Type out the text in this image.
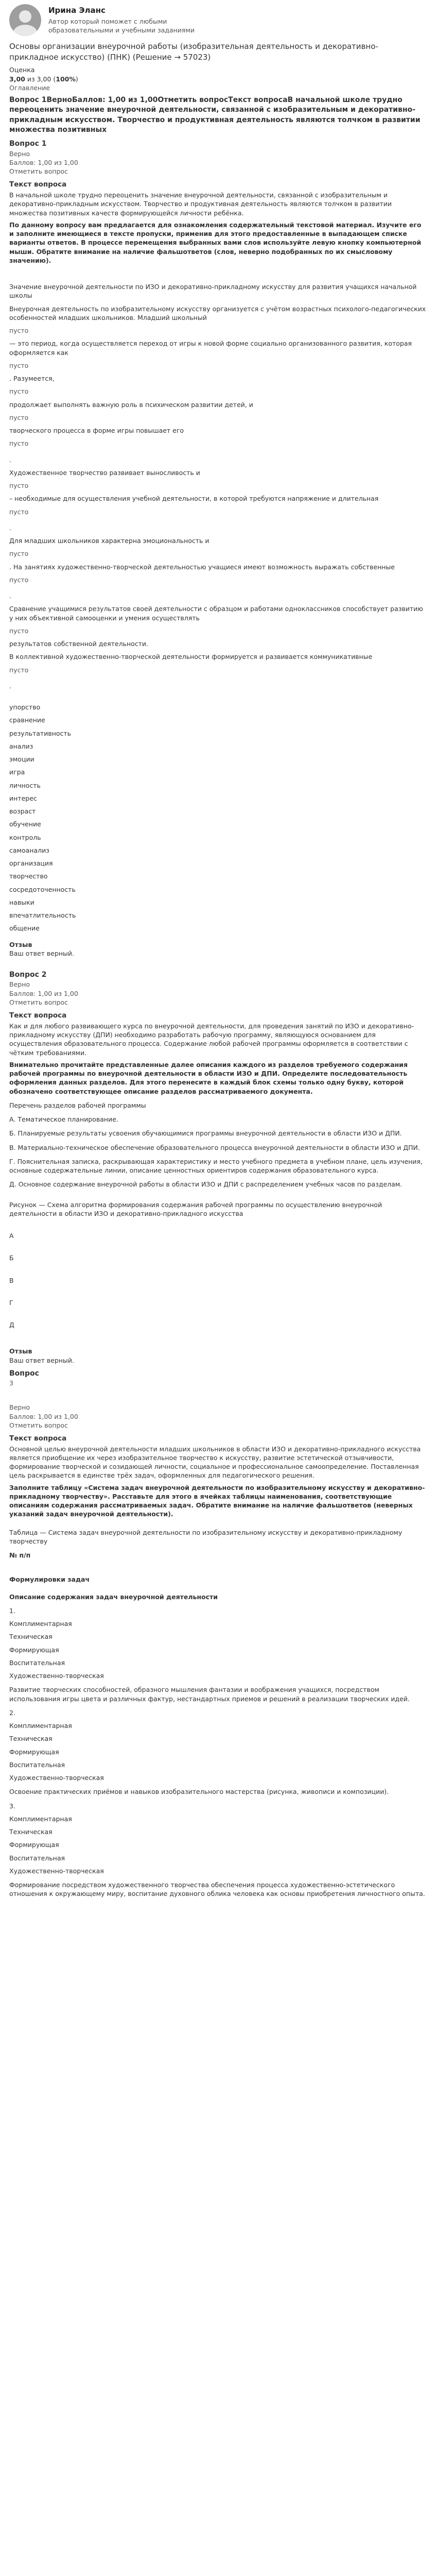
Ирина Эланс
Автор который поможет с любыми образовательными и учебными заданиями
Основы организации внеурочной работы (изобразительная деятельность и декоративно-прикладное искусство) (ПНК) (Решение → 57023)

Оценка
3,00 из 3,00 (100%)

Оглавление

Вопрос 1ВерноБаллов: 1,00 из 1,00Отметить вопросТекст вопросаВ начальной школе трудно переоценить значение внеурочной деятельности, связанной с изобразительным и декоративно-прикладным искусством. Творчество и продуктивная деятельность являются толчком в развитии множества позитивных
Вопрос 1
Верно
Баллов: 1,00 из 1,00
Отметить вопрос
Текст вопроса
В начальной школе трудно переоценить значение внеурочной деятельности, связанной с изобразительным и декоративно-прикладным искусством. Творчество и продуктивная деятельность являются толчком в развитии множества позитивных качеств формирующейся личности ребёнка.
По данному вопросу вам предлагается для ознакомления содержательный текстовой материал. Изучите его и заполните имеющиеся в тексте пропуски, применив для этого предоставленные в выпадающем списке варианты ответов. В процессе перемещения выбранных вами слов используйте левую кнопку компьютерной мыши. Обратите внимание на наличие фальшответов (слов, неверно подобранных по их смысловому значению).
Значение внеурочной деятельности по ИЗО и декоративно-прикладному искусству для развития учащихся начальной школы
Внеурочная деятельность по изобразительному искусству организуется с учётом возрастных психолого-педагогических особенностей младших школьников. Младший школьный
пусто
— это период, когда осуществляется переход от игры к новой форме социально организованного развития, которая оформляется как
пусто
. Разумеется,
пусто
продолжает выполнять важную роль в психическом развитии детей, и
пусто
творческого процесса в форме игры повышает его
пусто
.
Художественное творчество развивает выносливость и
пусто
– необходимые для осуществления учебной деятельности, в которой требуются напряжение и длительная
пусто
.
Для младших школьников характерна эмоциональность и
пусто
. На занятиях художественно-творческой деятельностью учащиеся имеют возможность выражать собственные
пусто
.
Сравнение учащимися результатов своей деятельности с образцом и работами одноклассников способствует развитию у них объективной самооценки и умения осуществлять
пусто
результатов собственной деятельности.
В коллективной художественно-творческой деятельности формируется и развивается коммуникативные
пусто
.
упорство
сравнение
результативность
анализ
эмоции
игра
личность
интерес
возраст
обучение
контроль
самоанализ
организация
творчество
сосредоточенность
навыки
впечатлительность
общение
Отзыв
Ваш ответ верный.
Вопрос 2
Верно
Баллов: 1,00 из 1,00
Отметить вопрос
Текст вопроса
Как и для любого развивающего курса по внеурочной деятельности, для проведения занятий по ИЗО и декоративно-прикладному искусству (ДПИ) необходимо разработать рабочую программу, являющуюся основанием для осуществления образовательного процесса. Содержание любой рабочей программы оформляется в соответствии с чётким требованиями.
Внимательно прочитайте представленные далее описания каждого из разделов требуемого содержания рабочей программы по внеурочной деятельности в области ИЗО и ДПИ. Определите последовательность оформления данных разделов. Для этого перенесите в каждый блок схемы только одну букву, которой обозначено соответствующее описание разделов рассматриваемого документа.
Перечень разделов рабочей программы
А. Тематическое планирование.
Б. Планируемые результаты усвоения обучающимися программы внеурочной деятельности в области ИЗО и ДПИ.
В. Материально-техническое обеспечение образовательного процесса внеурочной деятельности в области ИЗО и ДПИ.
Г. Пояснительная записка, раскрывающая характеристику и место учебного предмета в учебном плане, цель изучения, основные содержательные линии, описание ценностных ориентиров содержания образовательного курса.
Д. Основное содержание внеурочной работы в области ИЗО и ДПИ с распределением учебных часов по разделам.
Рисунок — Схема алгоритма формирования содержания рабочей программы по осуществлению внеурочной деятельности в области ИЗО и декоративно-прикладного искусства
А
Б
В
Г
Д
Отзыв
Ваш ответ верный.
Вопрос
3
Верно
Баллов: 1,00 из 1,00
Отметить вопрос
Текст вопроса
Основной целью внеурочной деятельности младших школьников в области ИЗО и декоративно-прикладного искусства является приобщение их через изобразительное творчество к искусству, развитие эстетической отзывчивости, формирование творческой и созидающей личности, социальное и профессиональное самоопределение. Поставленная цель раскрывается в единстве трёх задач, оформленных для педагогического решения.
Заполните таблицу «Система задач внеурочной деятельности по изобразительному искусству и декоративно-прикладному творчеству». Расставьте для этого в ячейках таблицы наименования, соответствующие описаниям содержания рассматриваемых задач. Обратите внимание на наличие фальшответов (неверных указаний задач внеурочной деятельности).
Таблица — Система задач внеурочной деятельности по изобразительному искусству и декоративно-прикладному творчеству
№ п/п
Формулировки задач
Описание содержания задач внеурочной деятельности
1.
Комплиментарная
Техническая
Формирующая
Воспитательная
Художественно-творческая
Развитие творческих способностей, образного мышления фантазии и воображения учащихся, посредством использования игры цвета и различных фактур, нестандартных приемов и решений в реализации творческих идей.
2.
Комплиментарная
Техническая
Формирующая
Воспитательная
Художественно-творческая
Освоение практических приёмов и навыков изобразительного мастерства (рисунка, живописи и композиции).
3.
Комплиментарная
Техническая
Формирующая
Воспитательная
Художественно-творческая
Формирование посредством художественного творчества обеспечения процесса художественно-эстетического отношения к окружающему миру, воспитание духовного облика человека как основы приобретения личностного опыта.
